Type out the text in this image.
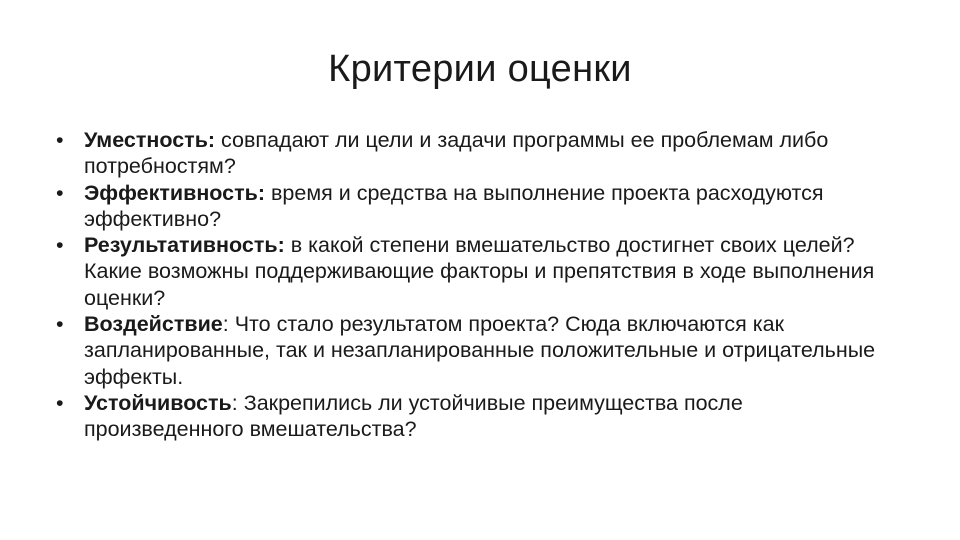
Критерии оценки
• Уместность: совпадают ли цели и задачи программы ее проблемам либо потребностям?
• Эффективность: время и средства на выполнение проекта расходуются эффективно?
• Результативность: в какой степени вмешательство достигнет своих целей? Какие возможны поддерживающие факторы и препятствия в ходе выполнения оценки?
• Воздействие: Что стало результатом проекта? Сюда включаются как запланированные, так и незапланированные положительные и отрицательные эффекты.
• Устойчивость: Закрепились ли устойчивые преимущества после произведенного вмешательства?
